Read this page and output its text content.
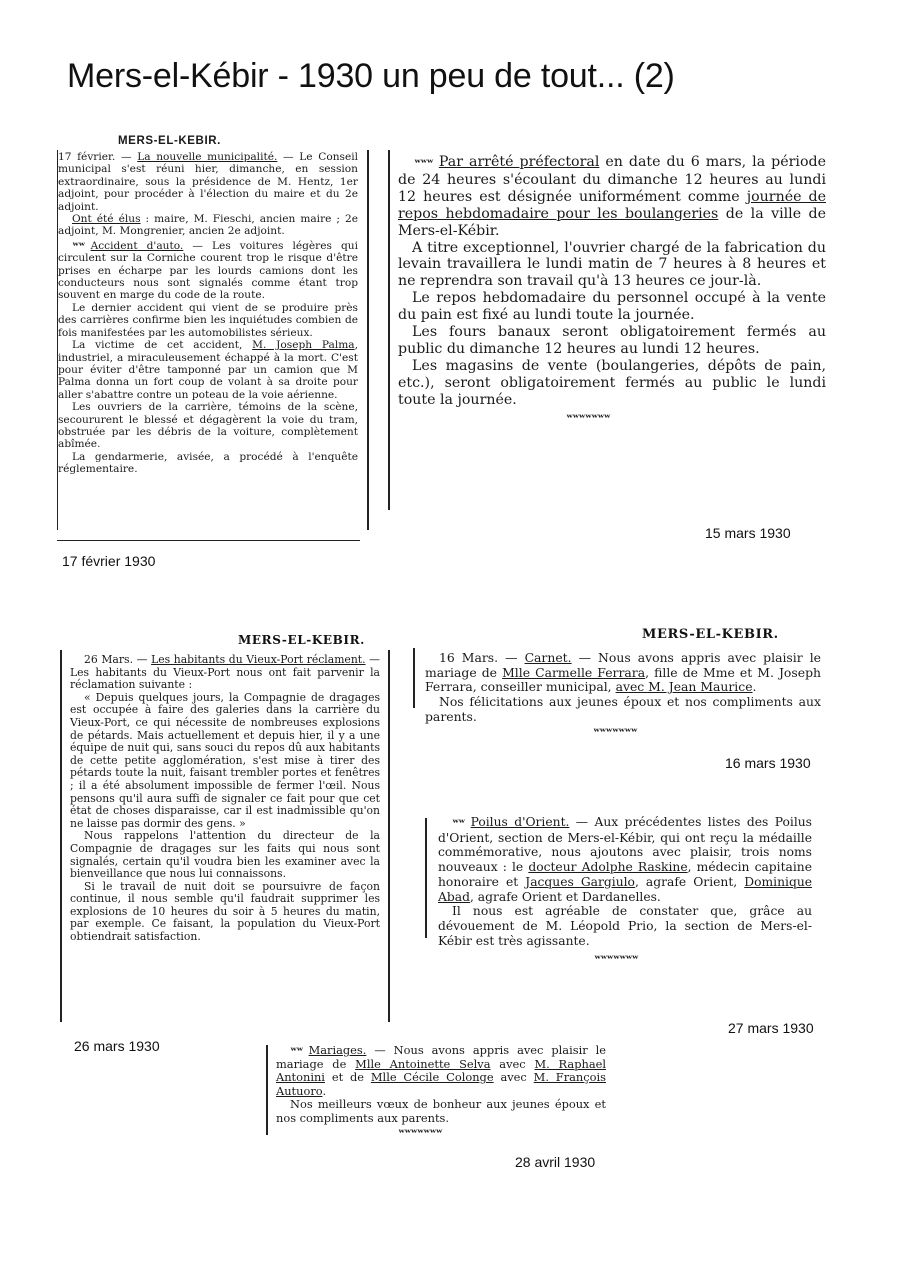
Mers-el-Kébir - 1930 un peu de tout... (2)
MERS-EL-KEBIR.

17 février. — La nouvelle municipalité. — Le Conseil municipal s'est réuni hier, dimanche, en session extraordinaire, sous la présidence de M. Hentz, 1er adjoint, pour procéder à l'élection du maire et du 2e adjoint.

Ont été élus : maire, M. Fieschi, ancien maire ; 2e adjoint, M. Mongrenier, ancien 2e adjoint.

ʷʷ Accident d'auto. — Les voitures légères qui circulent sur la Corniche courent trop le risque d'être prises en écharpe par les lourds camions dont les conducteurs nous sont signalés comme étant trop souvent en marge du code de la route.

Le dernier accident qui vient de se produire près des carrières confirme bien les inquiétudes combien de fois manifestées par les automobilistes sérieux.

La victime de cet accident, M. Joseph Palma, industriel, a miraculeusement échappé à la mort. C'est pour éviter d'être tamponné par un camion que M Palma donna un fort coup de volant à sa droite pour aller s'abattre contre un poteau de la voie aérienne.

Les ouvriers de la carrière, témoins de la scène, secoururent le blessé et dégagèrent la voie du tram, obstruée par les débris de la voiture, complètement abîmée.

La gendarmerie, avisée, a procédé à l'enquête réglementaire.

17 février 1930

ʷʷʷ Par arrêté préfectoral en date du 6 mars, la période de 24 heures s'écoulant du dimanche 12 heures au lundi 12 heures est désignée uniformément comme journée de repos hebdomadaire pour les boulangeries de la ville de Mers-el-Kébir.

A titre exceptionnel, l'ouvrier chargé de la fabrication du levain travaillera le lundi matin de 7 heures à 8 heures et ne reprendra son travail qu'à 13 heures ce jour-là.

Le repos hebdomadaire du personnel occupé à la vente du pain est fixé au lundi toute la journée.

Les fours banaux seront obligatoirement fermés au public du dimanche 12 heures au lundi 12 heures.

Les magasins de vente (boulangeries, dépôts de pain, etc.), seront obligatoirement fermés au public le lundi toute la journée.

ʷʷʷʷʷʷʷ
15 mars 1930
MERS-EL-KEBIR.

26 Mars. — Les habitants du Vieux-Port réclament. — Les habitants du Vieux-Port nous ont fait parvenir la réclamation suivante :

« Depuis quelques jours, la Compagnie de dragages est occupée à faire des galeries dans la carrière du Vieux-Port, ce qui nécessite de nombreuses explosions de pétards. Mais actuellement et depuis hier, il y a une équipe de nuit qui, sans souci du repos dû aux habitants de cette petite agglomération, s'est mise à tirer des pétards toute la nuit, faisant trembler portes et fenêtres ; il a été absolument impossible de fermer l'œil. Nous pensons qu'il aura suffi de signaler ce fait pour que cet état de choses disparaisse, car il est inadmissible qu'on ne laisse pas dormir des gens. »

Nous rappelons l'attention du directeur de la Compagnie de dragages sur les faits qui nous sont signalés, certain qu'il voudra bien les examiner avec la bienveillance que nous lui connaissons.

Si le travail de nuit doit se poursuivre de façon continue, il nous semble qu'il faudrait supprimer les explosions de 10 heures du soir à 5 heures du matin, par exemple. Ce faisant, la population du Vieux-Port obtiendrait satisfaction.

26 mars 1930
MERS-EL-KEBIR.

16 Mars. — Carnet. — Nous avons appris avec plaisir le mariage de Mlle Carmelle Ferrara, fille de Mme et M. Joseph Ferrara, conseiller municipal, avec M. Jean Maurice.

Nos félicitations aux jeunes époux et nos compliments aux parents.

ʷʷʷʷʷʷʷ
16 mars 1930

ʷʷ Poilus d'Orient. — Aux précédentes listes des Poilus d'Orient, section de Mers-el-Kébir, qui ont reçu la médaille commémorative, nous ajoutons avec plaisir, trois noms nouveaux : le docteur Adolphe Raskine, médecin capitaine honoraire et Jacques Gargiulo, agrafe Orient, Dominique Abad, agrafe Orient et Dardanelles.

Il nous est agréable de constater que, grâce au dévouement de M. Léopold Prio, la section de Mers-el-Kébir est très agissante.

ʷʷʷʷʷʷʷ
27 mars 1930

ʷʷ Mariages. — Nous avons appris avec plaisir le mariage de Mlle Antoinette Selva avec M. Raphael Antonini et de Mlle Cécile Colonge avec M. François Autuoro.

Nos meilleurs vœux de bonheur aux jeunes époux et nos compliments aux parents.

ʷʷʷʷʷʷʷ
28 avril 1930
